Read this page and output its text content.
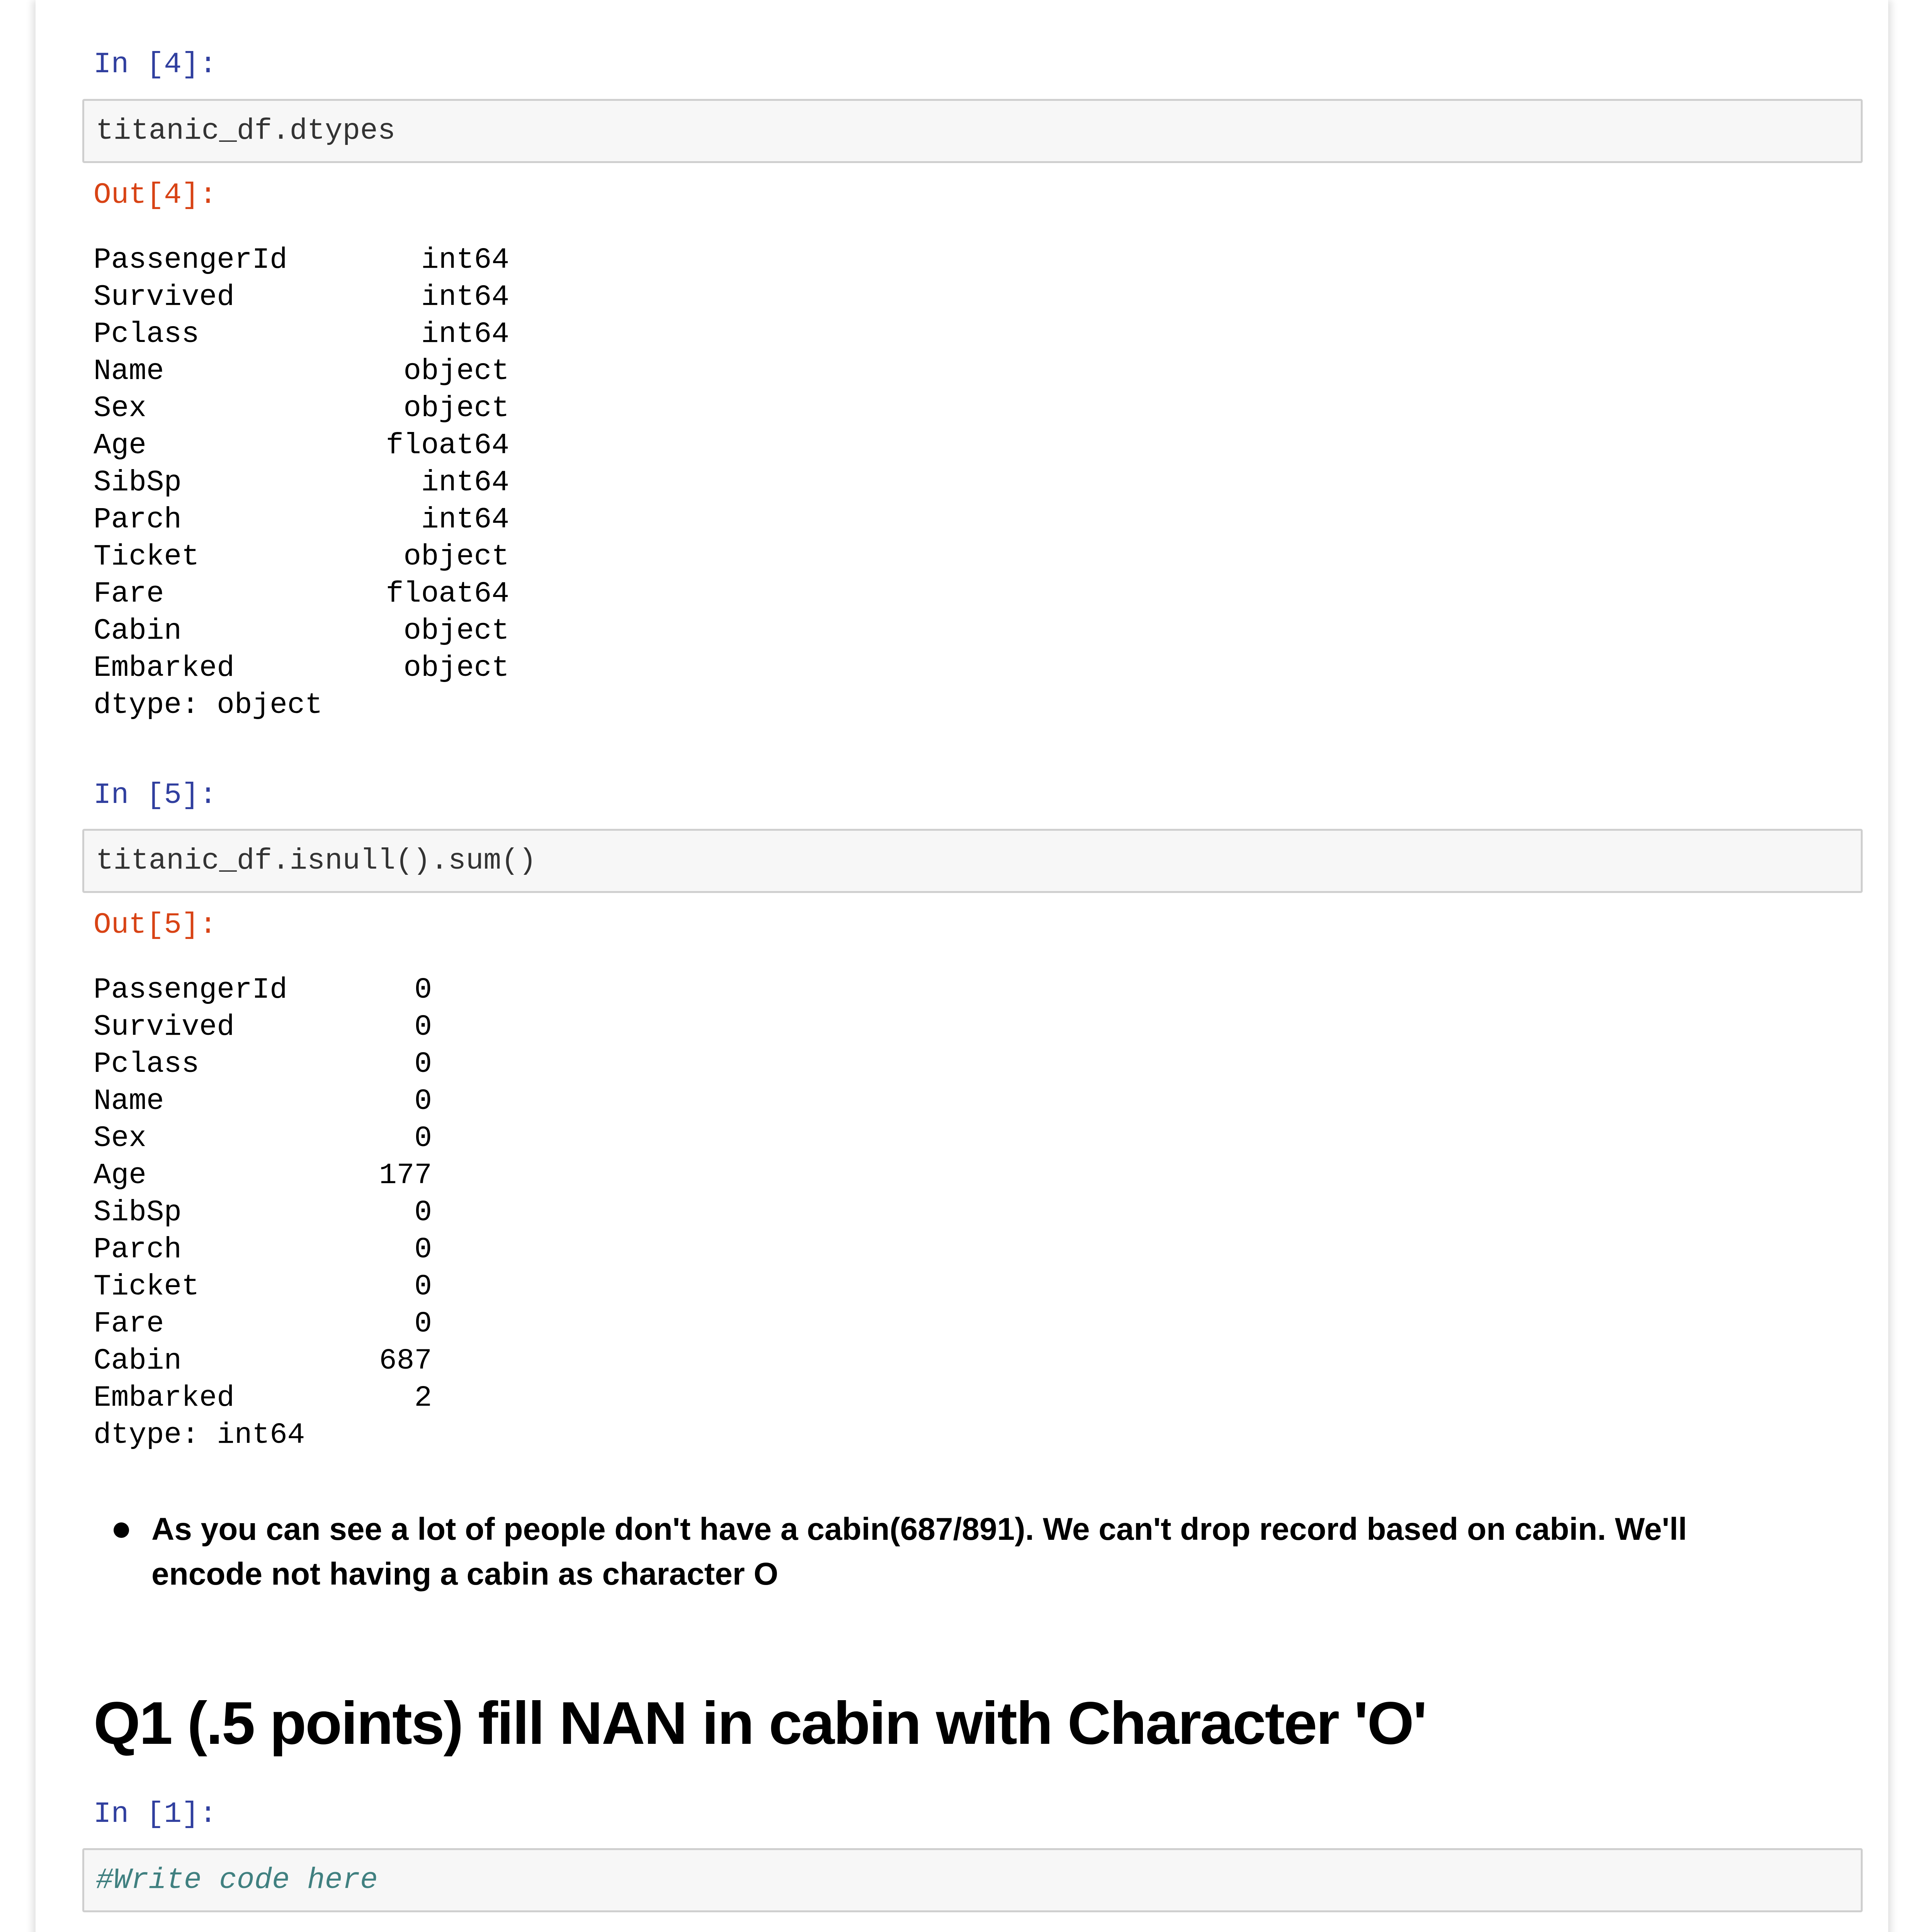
In [4]:
titanic_df.dtypes
Out[4]:
PassengerId	int64
Survived	int64
Pclass	int64
Name	object
Sex	object
Age	float64
SibSp	int64
Parch	int64
Ticket	object
Fare	float64
Cabin	object
Embarked	object
dtype: object
In [5]:
titanic_df.isnull().sum()
Out[5]:
PassengerId	0
Survived	0
Pclass	0
Name	0
Sex	0
Age	177
SibSp	0
Parch	0
Ticket	0
Fare	0
Cabin	687
Embarked	2
dtype: int64

As you can see a lot of people don't have a cabin(687/891). We can't drop record based on cabin. We'll encode not having a cabin as character O

Q1 (.5 points) fill NAN in cabin with Character 'O'
In [1]:
#Write code here
